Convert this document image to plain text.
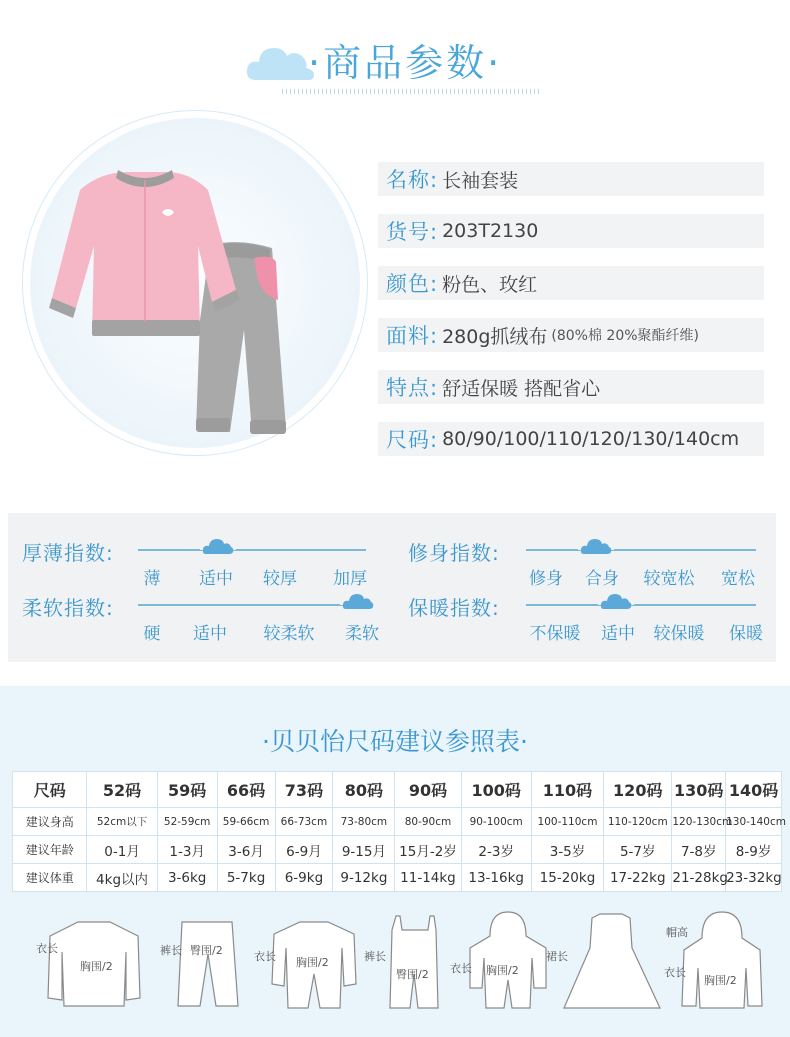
·商品参数·
名称: 长袖套装
货号: 203T2130
颜色: 粉色、玫红
面料: 280g抓绒布 (80%棉 20%聚酯纤维)
特点: 舒适保暖 搭配省心
尺码: 80/90/100/110/120/130/140cm
厚薄指数:
薄	适中	较厚	加厚
柔软指数:
硬	适中	较柔软	柔软
修身指数:
修身	合身	较宽松	宽松
保暖指数:
不保暖	适中	较保暖	保暖
·贝贝怡尺码建议参照表·
尺码	52码	59码	66码	73码	80码	90码	100码	110码	120码	130码	140码
建议身高	52cm以下	52-59cm	59-66cm	66-73cm	73-80cm	80-90cm	90-100cm	100-110cm	110-120cm	120-130cm	130-140cm
建议年龄	0-1月	1-3月	3-6月	6-9月	9-15月	15月-2岁	2-3岁	3-5岁	5-7岁	7-8岁	8-9岁
建议体重	4kg以内	3-6kg	5-7kg	6-9kg	9-12kg	11-14kg	13-16kg	15-20kg	17-22kg	21-28kg	23-32kg
衣长
胸围/2
裤长 臀围/2	衣长 胸围/2	裤长
臀围/2 衣长 胸围/2
裙长
帽高
衣长
胸围/2
